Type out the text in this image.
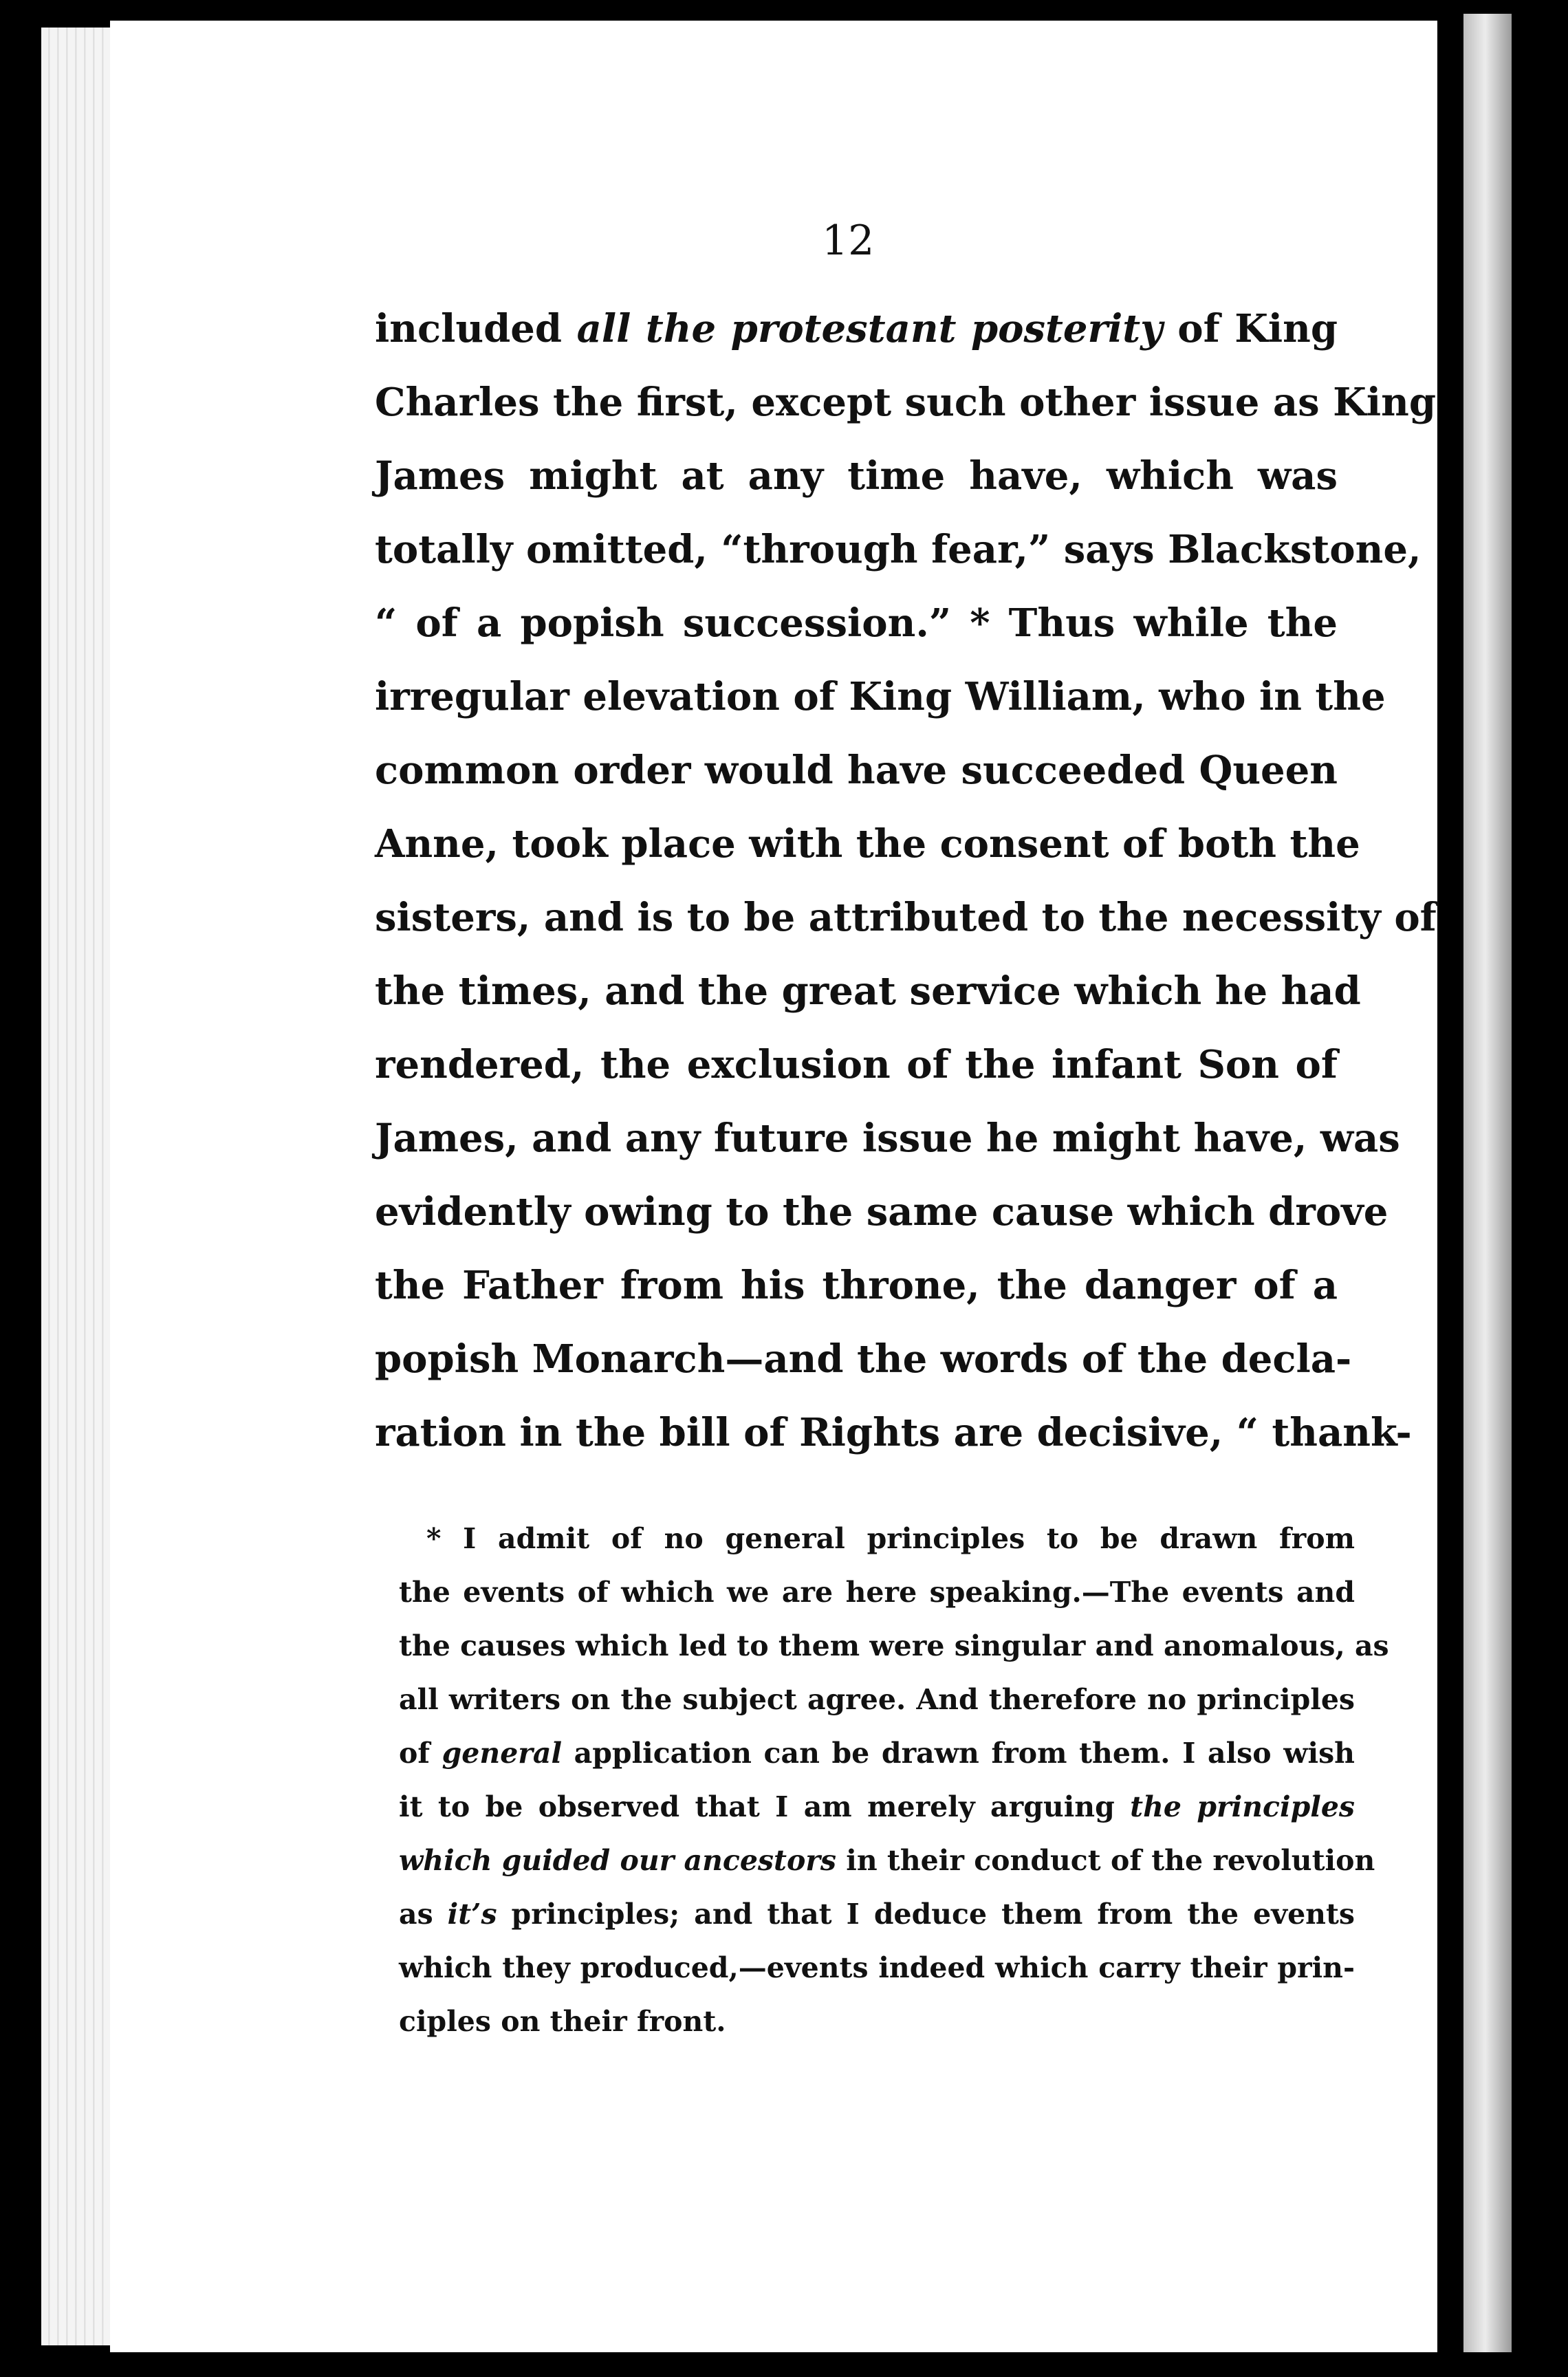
12
included all the protestant posterity of King
Charles the first, except such other issue as King
James might at any time have, which was
totally omitted, “through fear,” says Blackstone,
“ of a popish succession.” * Thus while the
irregular elevation of King William, who in the
common order would have succeeded Queen
Anne, took place with the consent of both the
sisters, and is to be attributed to the necessity of
the times, and the great service which he had
rendered, the exclusion of the infant Son of
James, and any future issue he might have, was
evidently owing to the same cause which drove
the Father from his throne, the danger of a
popish Monarch—and the words of the decla-
ration in the bill of Rights are decisive, “ thank-
* I admit of no general principles to be drawn from
the events of which we are here speaking.—The events and
the causes which led to them were singular and anomalous, as
all writers on the subject agree. And therefore no principles
of general application can be drawn from them. I also wish
it to be observed that I am merely arguing the principles
which guided our ancestors in their conduct of the revolution
as it’s principles; and that I deduce them from the events
which they produced,—events indeed which carry their prin-
ciples on their front.
